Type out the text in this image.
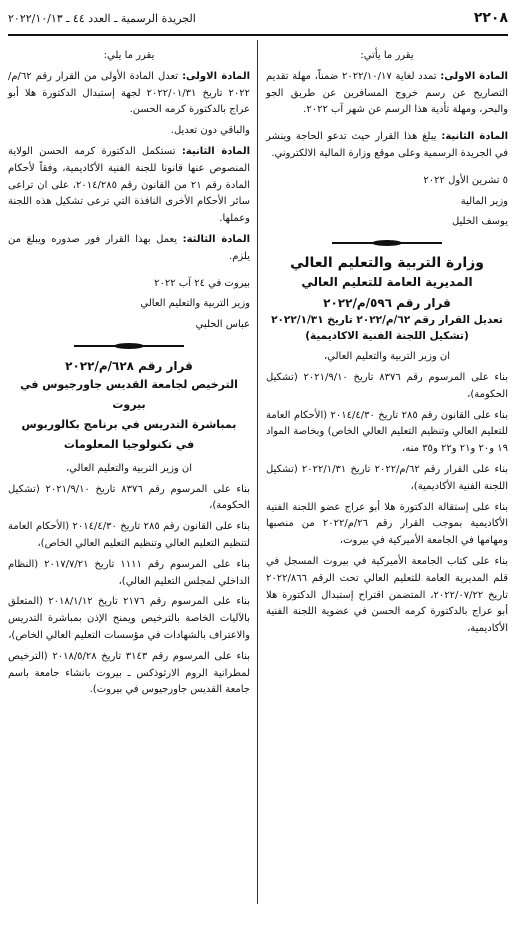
٢٢٠٨
الجريدة الرسمية ـ العدد ٤٤ ـ ٢٠٢٢/١٠/١٣

يقرر ما يأتي:

المادة الاولى: تمدد لغاية ٢٠٢٢/١٠/١٧ ضمناً، مهلة تقديم التصاريح عن رسم خروج المسافرين عن طريق الجو والبحر، ومهلة تأدية هذا الرسم عن شهر آب ٢٠٢٢.

المادة الثانية: يبلغ هذا القرار حيث تدعو الحاجة وينشر في الجريدة الرسمية وعلى موقع وزارة المالية الالكتروني.

٥ تشرين الأول ٢٠٢٢

وزير المالية

يوسف الخليل

وزارة التربية والتعليم العالي
المديرية العامة للتعليم العالي
قرار رقم ٥٩٦/م/٢٠٢٢
تعديل القرار رقم ٦٢/م/٢٠٢٢ تاريخ ٢٠٢٢/١/٣١
(تشكيل اللجنة الفنية الاكاديمية)

ان وزير التربية والتعليم العالي،

بناء على المرسوم رقم ٨٣٧٦ تاريخ ٢٠٢١/٩/١٠ (تشكيل الحكومة)،

بناء على القانون رقم ٢٨٥ تاريخ ٢٠١٤/٤/٣٠ (الأحكام العامة للتعليم العالي وتنظيم التعليم العالي الخاص) وبخاصة المواد ١٩ و٢٠ و٢١ و٢٢ و٣٥ منه،

بناء على القرار رقم ٦٢/م/٢٠٢٢ تاريخ ٢٠٢٢/١/٣١ (تشكيل اللجنة الفنية الأكاديمية)،

بناء على إستقالة الدكتورة هلا أبو عراج عضو اللجنة الفنية الأكاديمية بموجب القرار رقم ٢٦/م/٢٠٢٢ من منصبها ومهامها في الجامعة الأميركية في بيروت،

بناء على كتاب الجامعة الأميركية في بيروت المسجل في قلم المديرية العامة للتعليم العالي تحت الرقم ٢٠٢٢/٨٦٦ تاريخ ٢٠٢٢/٠٧/٢٢، المتضمن اقتراح إستبدال الدكتورة هلا أبو عراج بالدكتورة كرمه الحسن في عضوية اللجنة الفنية الأكاديمية،

يقرر ما يلي:

المادة الاولى: تعدل المادة الأولى من القرار رقم ٦٢/م/٢٠٢٢ تاريخ ٢٠٢٢/٠١/٣١ لجهة إستبدال الدكتورة هلا أبو عراج بالدكتورة كرمه الحسن.

والباقي دون تعديل.

المادة الثانية: تستكمل الدكتورة كرمه الحسن الولاية المنصوص عنها قانونا للجنة الفنية الأكاديمية، وفقاً لأحكام المادة رقم ٢١ من القانون رقم ٢٠١٤/٢٨٥، على ان تراعى سائر الأحكام الأخرى النافذة التي ترعى تشكيل هذه اللجنة وعملها.

المادة الثالثة: يعمل بهذا القرار فور صدوره ويبلغ من يلزم.

بيروت في ٢٤ آب ٢٠٢٢

وزير التربية والتعليم العالي

عباس الحلبي

قرار رقم ٦٢٨/م/٢٠٢٢
الترخيص لجامعة القديس جاورجيوس في بيروت
بمباشرة التدريس في برنامج بكالوريوس
في تكنولوجيا المعلومات

ان وزير التربية والتعليم العالي،

بناء على المرسوم رقم ٨٣٧٦ تاريخ ٢٠٢١/٩/١٠ (تشكيل الحكومة)،

بناء على القانون رقم ٢٨٥ تاريخ ٢٠١٤/٤/٣٠ (الأحكام العامة لتنظيم التعليم العالي وتنظيم التعليم العالي الخاص)،

بناء على المرسوم رقم ١١١١ تاريخ ٢٠١٧/٧/٢١ (النظام الداخلي لمجلس التعليم العالي)،

بناء على المرسوم رقم ٢١٧٦ تاريخ ٢٠١٨/١/١٢ (المتعلق بالآليات الخاصة بالترخيص ويمنح الإذن بمباشرة التدريس والاعتراف بالشهادات في مؤسسات التعليم العالي الخاص)،

بناء على المرسوم رقم ٣١٤٣ تاريخ ٢٠١٨/٥/٢٨ (الترخيص لمطرانية الروم الارثوذكس ـ بيروت بانشاء جامعة باسم جامعة القديس جاورجيوس في بيروت).
